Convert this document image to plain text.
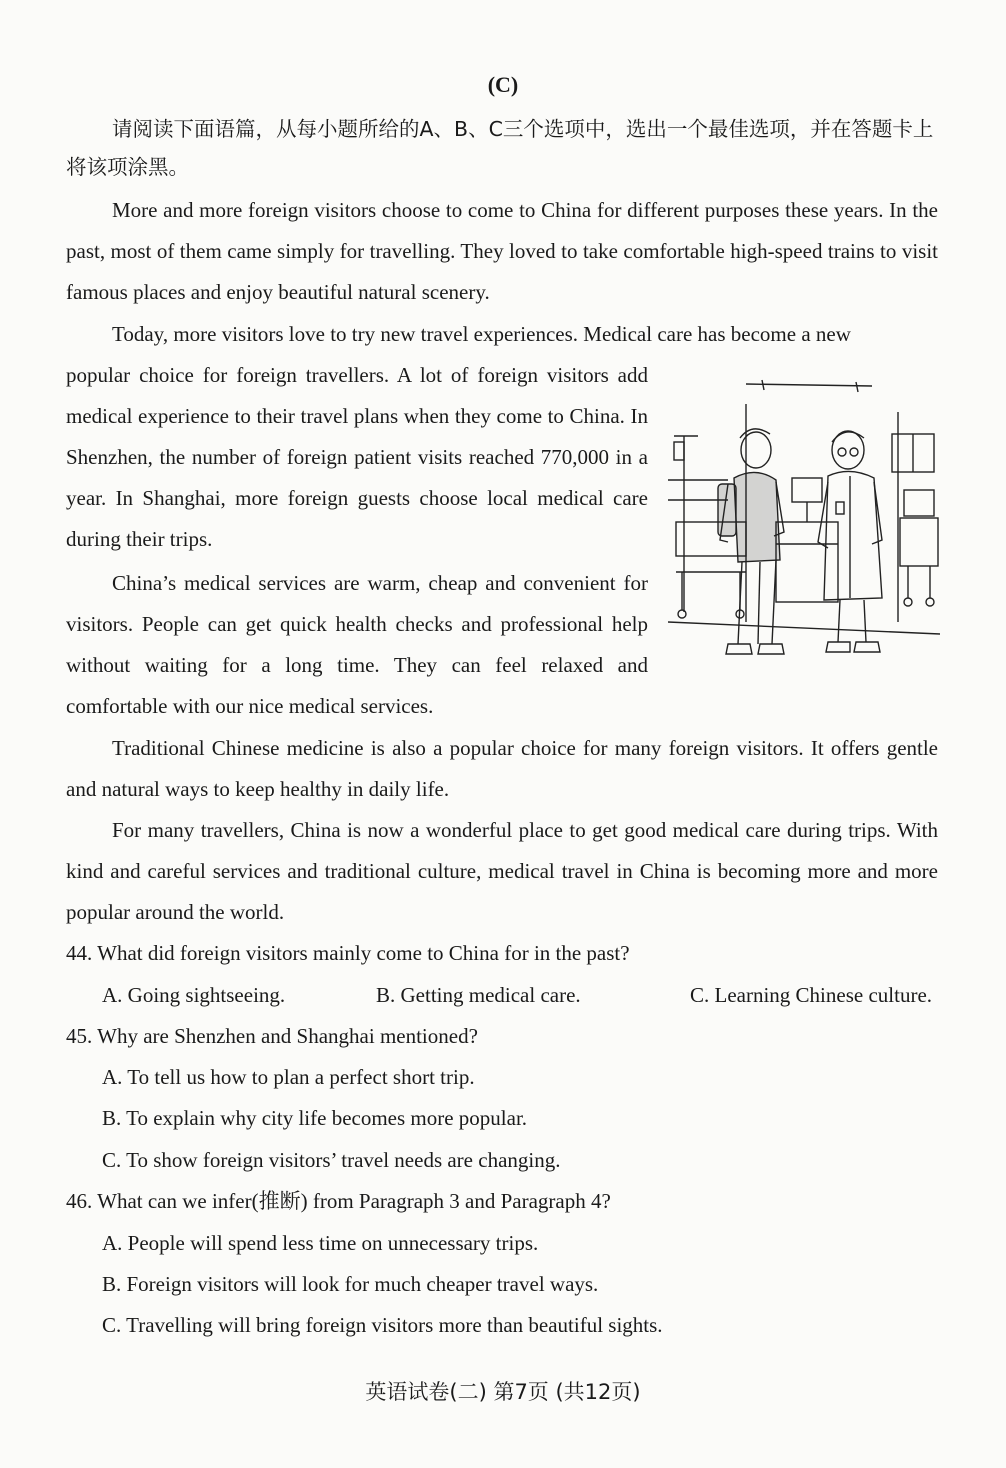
(C)
请阅读下面语篇，从每小题所给的A、B、C三个选项中，选出一个最佳选项，并在答题卡上将该项涂黑。

More and more foreign visitors choose to come to China for different purposes these years. In the past, most of them came simply for travelling. They loved to take comfortable high-speed trains to visit famous places and enjoy beautiful natural scenery.

Today, more visitors love to try new travel experiences. Medical care has become a new

popular choice for foreign travellers. A lot of foreign visitors add medical experience to their travel plans when they come to China. In Shenzhen, the number of foreign patient visits reached 770,000 in a year. In Shanghai, more foreign guests choose local medical care during their trips.

China’s medical services are warm, cheap and convenient for visitors. People can get quick health checks and professional help without waiting for a long time. They can feel relaxed and comfortable with our nice medical services.

Traditional Chinese medicine is also a popular choice for many foreign visitors. It offers gentle and natural ways to keep healthy in daily life.

For many travellers, China is now a wonderful place to get good medical care during trips. With kind and careful services and traditional culture, medical travel in China is becoming more and more popular around the world.

44. What did foreign visitors mainly come to China for in the past?

A. Going sightseeing.	B. Getting medical care.	C. Learning Chinese culture.

45. Why are Shenzhen and Shanghai mentioned?

A. To tell us how to plan a perfect short trip.

B. To explain why city life becomes more popular.

C. To show foreign visitors’ travel needs are changing.

46. What can we infer(推断) from Paragraph 3 and Paragraph 4?

A. People will spend less time on unnecessary trips.

B. Foreign visitors will look for much cheaper travel ways.

C. Travelling will bring foreign visitors more than beautiful sights.

英语试卷(二) 第7页 (共12页)
